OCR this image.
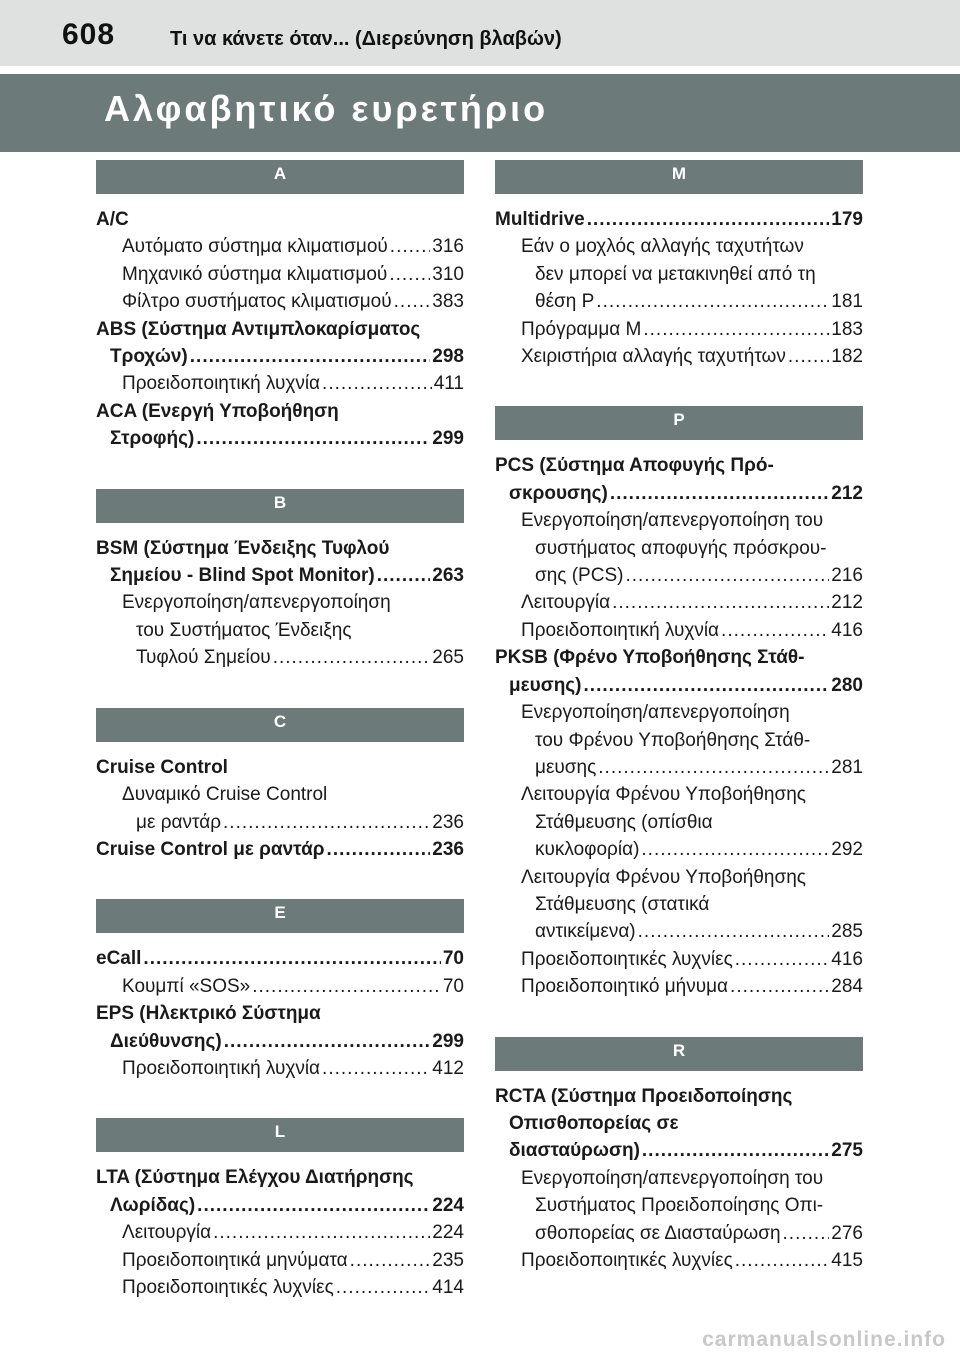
608	Τι να κάνετε όταν... (Διερεύνηση βλαβών)
Αλφαβητικό ευρετήριο
A
A/C
Αυτόματο σύστημα κλιματισμού ..... 316
Μηχανικό σύστημα κλιματισμού ..... 310
Φίλτρο συστήματος κλιματισμού ..... 383
ABS (Σύστημα Αντιμπλοκαρίσματος
Τροχών) .....	298
Προειδοποιητική λυχνία .....	411
ACA (Ενεργή Υποβοήθηση
Στροφής) .....	299
B
BSM (Σύστημα Ένδειξης Τυφλού
Σημείου - Blind Spot Monitor) .....	263
Ενεργοποίηση/απενεργοποίηση
του Συστήματος Ένδειξης
Τυφλού Σημείου .....	265
C
Cruise Control
Δυναμικό Cruise Control
με ραντάρ .....	236
Cruise Control με ραντάρ .....	236
E
eCall .....	70
Κουμπί «SOS» .....	70
EPS (Ηλεκτρικό Σύστημα
Διεύθυνσης) .....	299
Προειδοποιητική λυχνία .....	412
L
LTA (Σύστημα Ελέγχου Διατήρησης
Λωρίδας) .....	224
Λειτουργία .....	224
Προειδοποιητικά μηνύματα .....	235
Προειδοποιητικές λυχνίες .....	414
M
Multidrive .....	179
Εάν ο μοχλός αλλαγής ταχυτήτων
δεν μπορεί να μετακινηθεί από τη
θέση P .....	181
Πρόγραμμα M .....	183
Χειριστήρια αλλαγής ταχυτήτων ..... 182
P
PCS (Σύστημα Αποφυγής Πρό-
σκρουσης) .....	212
Ενεργοποίηση/απενεργοποίηση του
συστήματος αποφυγής πρόσκρου-
σης (PCS) .....	216
Λειτουργία .....	212
Προειδοποιητική λυχνία .....	416
PKSB (Φρένο Υποβοήθησης Στάθ-
μευσης) .....	280
Ενεργοποίηση/απενεργοποίηση
του Φρένου Υποβοήθησης Στάθ-
μευσης .....	281
Λειτουργία Φρένου Υποβοήθησης
Στάθμευσης (οπίσθια
κυκλοφορία) .....	292
Λειτουργία Φρένου Υποβοήθησης
Στάθμευσης (στατικά
αντικείμενα) .....	285
Προειδοποιητικές λυχνίες .....	416
Προειδοποιητικό μήνυμα .....	284
R
RCTA (Σύστημα Προειδοποίησης
Οπισθοπορείας σε
διασταύρωση) .....	275
Ενεργοποίηση/απενεργοποίηση του
Συστήματος Προειδοποίησης Οπι-
σθοπορείας σε Διασταύρωση .....	276
Προειδοποιητικές λυχνίες .....	415
carmanualsonline.info
